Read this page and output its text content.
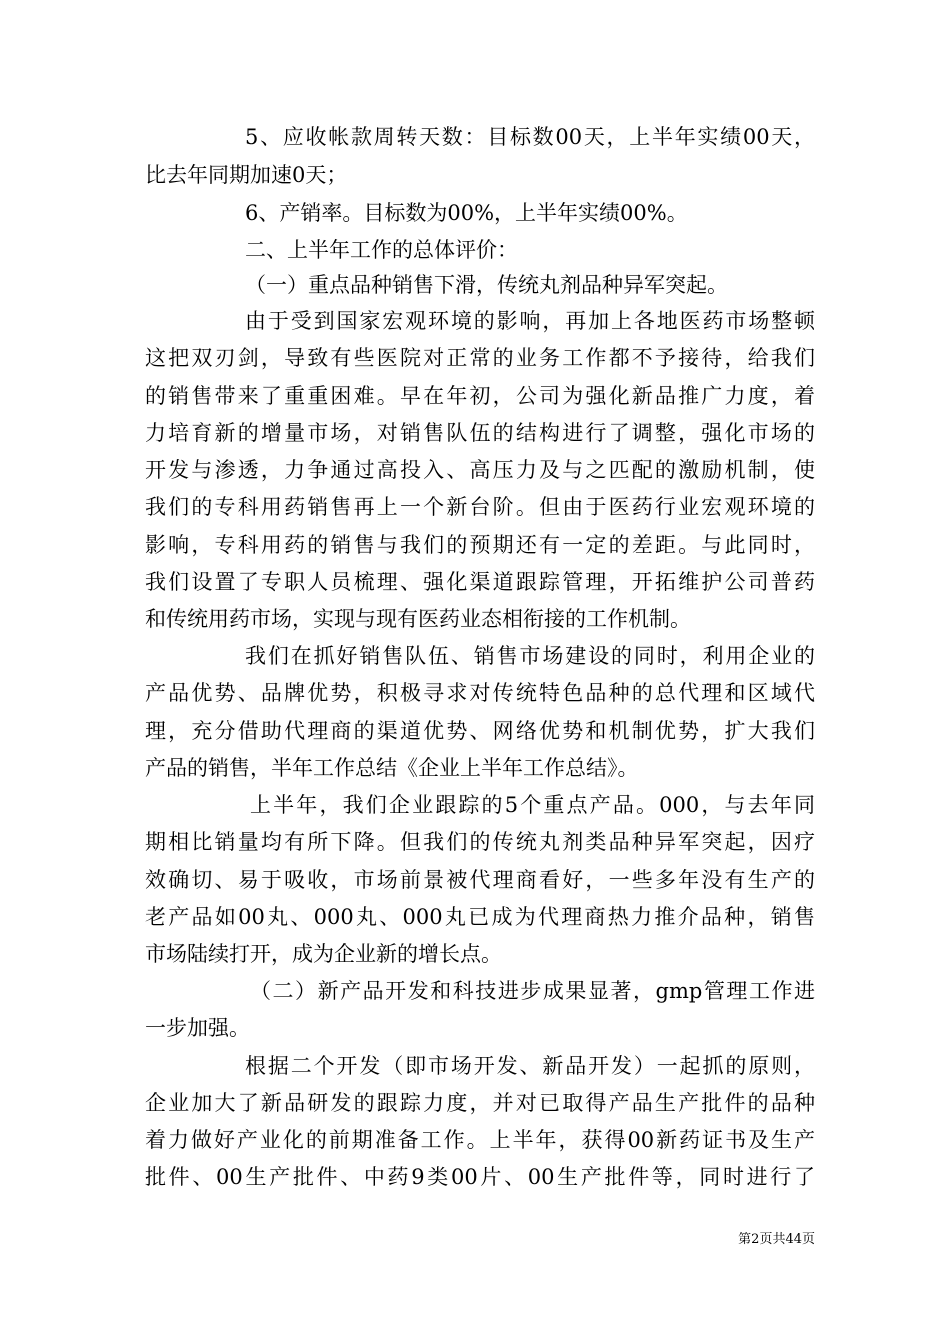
5、应收帐款周转天数：目标数00天，上半年实绩00天，
比去年同期加速0天；
6、产销率。目标数为00%，上半年实绩00%。
二、上半年工作的总体评价：
（一）重点品种销售下滑，传统丸剂品种异军突起。
由于受到国家宏观环境的影响，再加上各地医药市场整顿
这把双刃剑，导致有些医院对正常的业务工作都不予接待，给我们
的销售带来了重重困难。早在年初，公司为强化新品推广力度，着
力培育新的增量市场，对销售队伍的结构进行了调整，强化市场的
开发与渗透，力争通过高投入、高压力及与之匹配的激励机制，使
我们的专科用药销售再上一个新台阶。但由于医药行业宏观环境的
影响，专科用药的销售与我们的预期还有一定的差距。与此同时，
我们设置了专职人员梳理、强化渠道跟踪管理，开拓维护公司普药
和传统用药市场，实现与现有医药业态相衔接的工作机制。
我们在抓好销售队伍、销售市场建设的同时，利用企业的
产品优势、品牌优势，积极寻求对传统特色品种的总代理和区域代
理，充分借助代理商的渠道优势、网络优势和机制优势，扩大我们
产品的销售，半年工作总结《企业上半年工作总结》。
上半年，我们企业跟踪的5个重点产品。000，与去年同
期相比销量均有所下降。但我们的传统丸剂类品种异军突起，因疗
效确切、易于吸收，市场前景被代理商看好，一些多年没有生产的
老产品如00丸、000丸、000丸已成为代理商热力推介品种，销售
市场陆续打开，成为企业新的增长点。
（二）新产品开发和科技进步成果显著，gmp管理工作进
一步加强。
根据二个开发（即市场开发、新品开发）一起抓的原则，
企业加大了新品研发的跟踪力度，并对已取得产品生产批件的品种
着力做好产业化的前期准备工作。上半年，获得00新药证书及生产
批件、00生产批件、中药9类00片、00生产批件等，同时进行了
第2页共44页
